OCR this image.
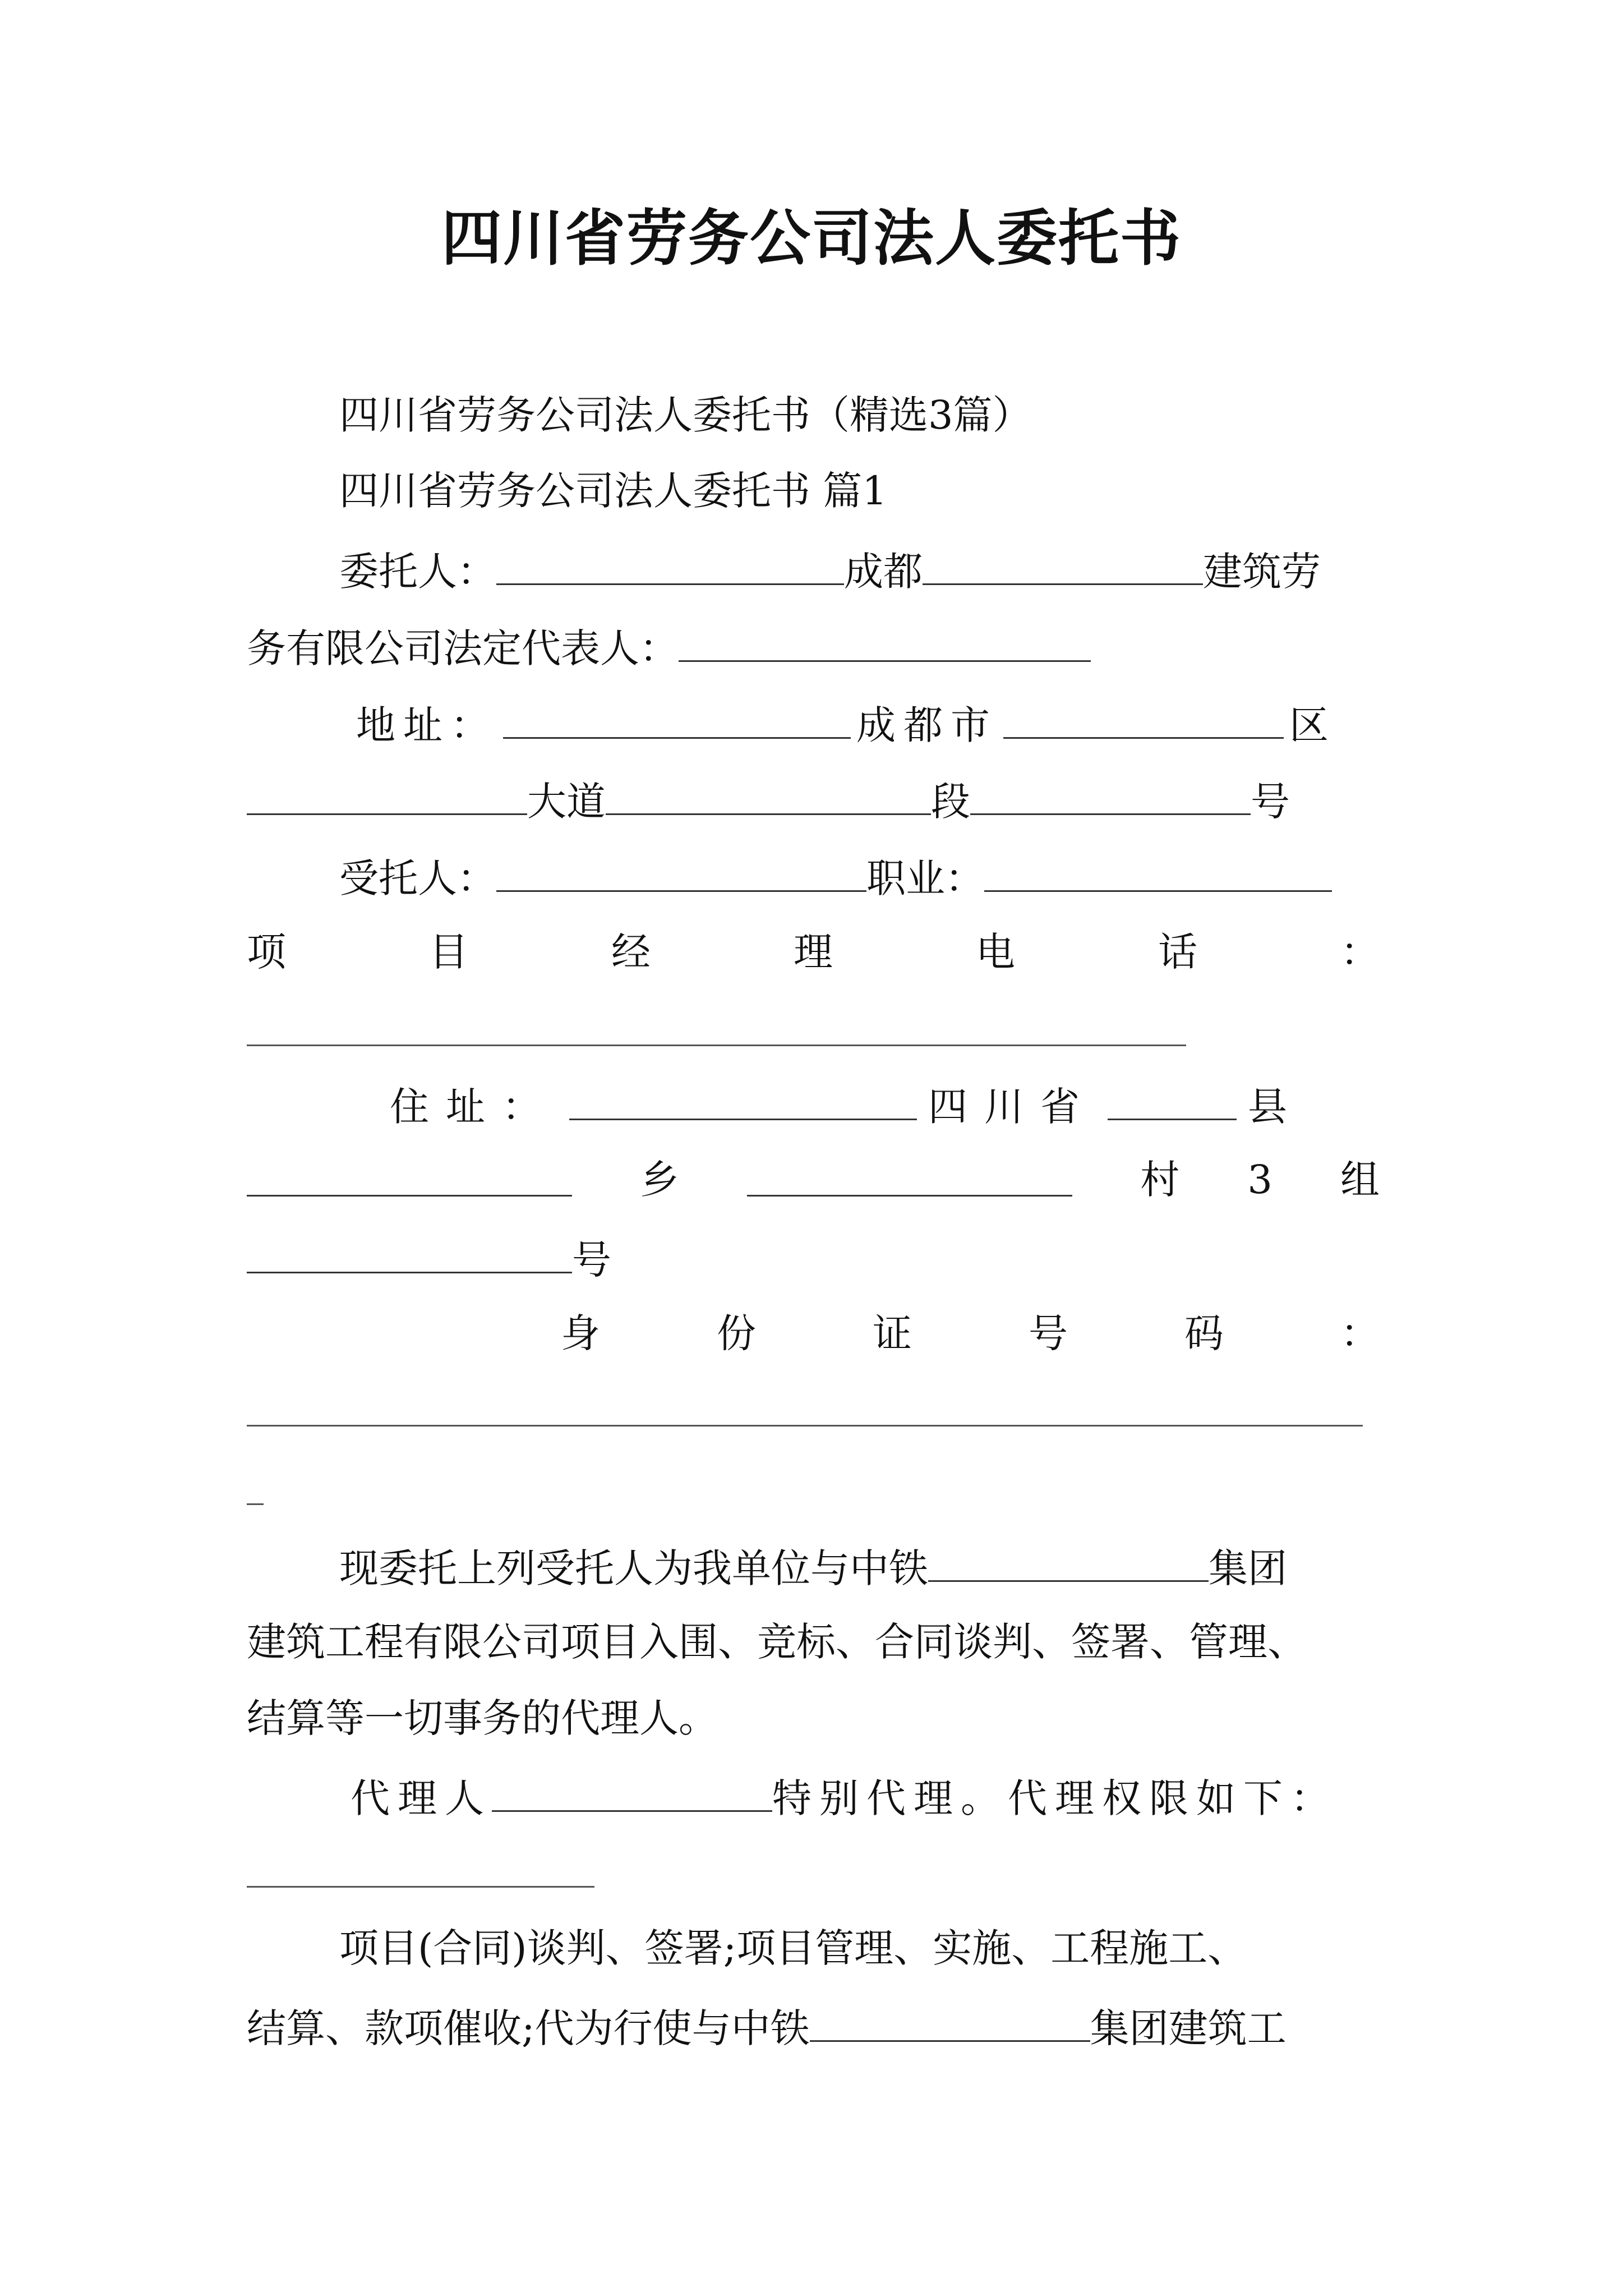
四川省劳务公司法人委托书
四川省劳务公司法人委托书（精选3篇）
四川省劳务公司法人委托书 篇1
委托人：	成都	建筑劳
务有限公司法定代表人：
地址：	成都市	区
大道	段	号
受托人：	职业：
项	目	经	理	电	话	：
住址：	四川省	县
乡	村 3 组
号
身	份	证	号	码	：
现委托上列受托人为我单位与中铁	集团
建筑工程有限公司项目入围、竞标、合同谈判、签署、管理、
结算等一切事务的代理人。
代理人	特别代理。代理权限如下：
项目(合同)谈判、签署;项目管理、实施、工程施工、
结算、款项催收;代为行使与中铁	集团建筑工
